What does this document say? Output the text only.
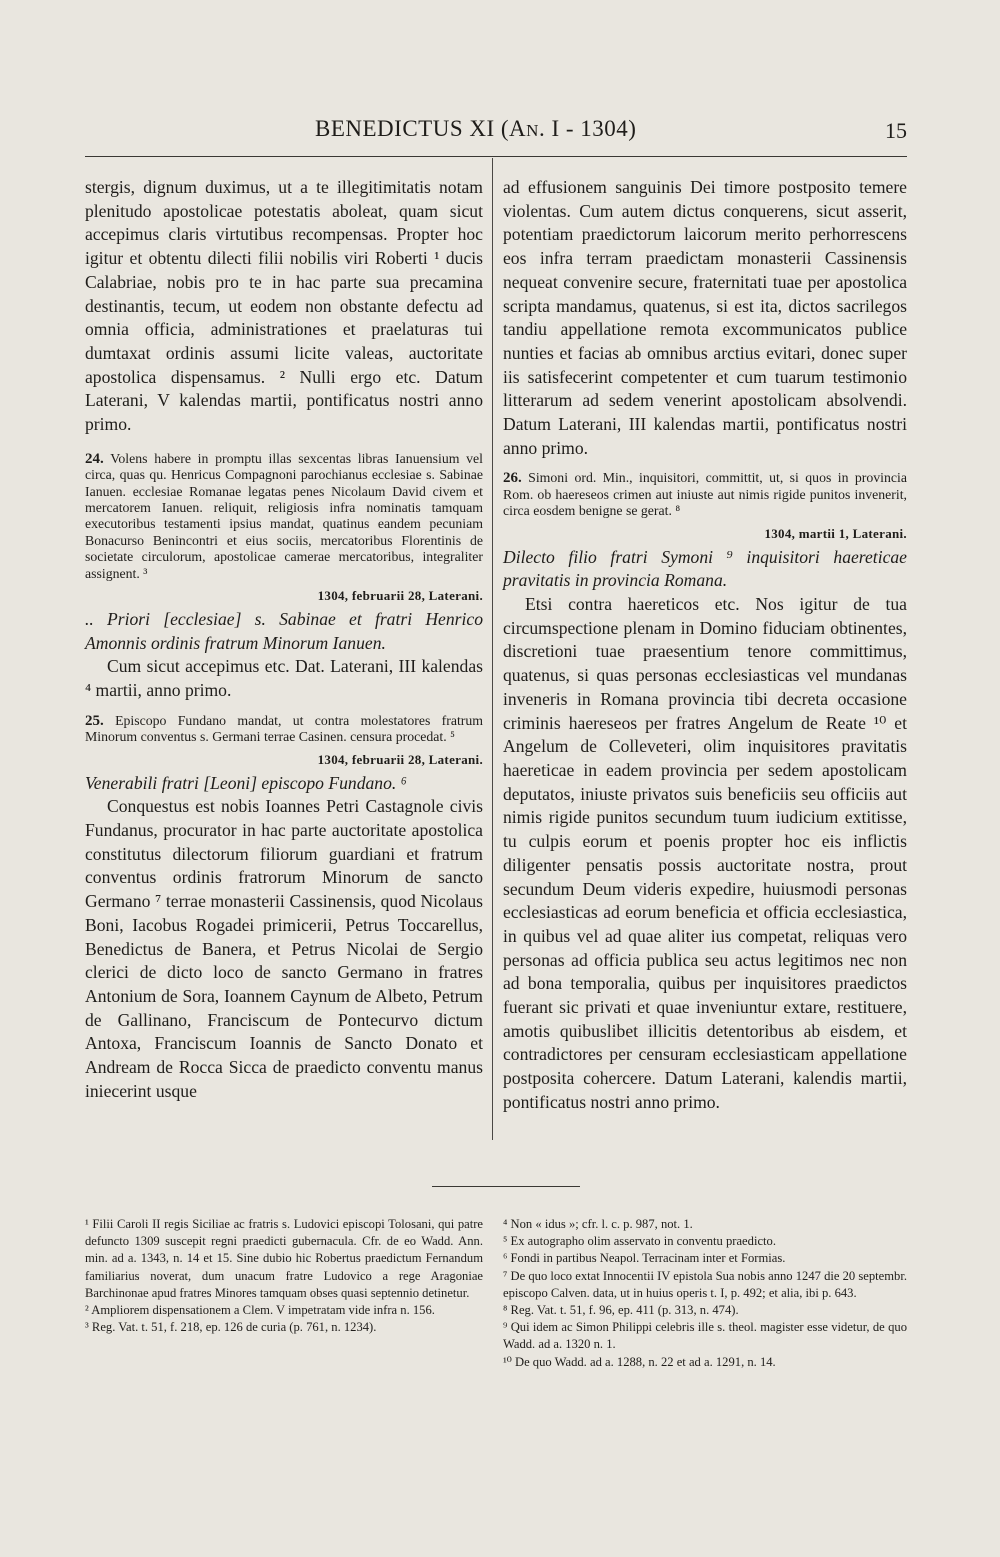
BENEDICTUS XI (AN. I - 1304)	15

stergis, dignum duximus, ut a te illegitimitatis notam plenitudo apostolicae potestatis aboleat, quam sicut accepimus claris virtutibus recompensas. Propter hoc igitur et obtentu dilecti filii nobilis viri Roberti ¹ ducis Calabriae, nobis pro te in hac parte sua precamina destinantis, tecum, ut eodem non obstante defectu ad omnia officia, administrationes et praelaturas tui dumtaxat ordinis assumi licite valeas, auctoritate apostolica dispensamus. ² Nulli ergo etc. Datum Laterani, V kalendas martii, pontificatus nostri anno primo.

24. Volens habere in promptu illas sexcentas libras Ianuensium vel circa, quas qu. Henricus Compagnoni parochianus ecclesiae s. Sabinae Ianuen. ecclesiae Romanae legatas penes Nicolaum David civem et mercatorem Ianuen. reliquit, religiosis infra nominatis tamquam executoribus testamenti ipsius mandat, quatinus eandem pecuniam Bonacurso Benincontri et eius sociis, mercatoribus Florentinis de societate circulorum, apostolicae camerae mercatoribus, integraliter assignent. ³

1304, februarii 28, Laterani.

.. Priori [ecclesiae] s. Sabinae et fratri Henrico Amonnis ordinis fratrum Minorum Ianuen.

Cum sicut accepimus etc. Dat. Laterani, III kalendas ⁴ martii, anno primo.

25. Episcopo Fundano mandat, ut contra molestatores fratrum Minorum conventus s. Germani terrae Casinen. censura procedat. ⁵

1304, februarii 28, Laterani.

Venerabili fratri [Leoni] episcopo Fundano. ⁶

Conquestus est nobis Ioannes Petri Castagnole civis Fundanus, procurator in hac parte auctoritate apostolica constitutus dilectorum filiorum guardiani et fratrum conventus ordinis fratrorum Minorum de sancto Germano ⁷ terrae monasterii Cassinensis, quod Nicolaus Boni, Iacobus Rogadei primicerii, Petrus Toccarellus, Benedictus de Banera, et Petrus Nicolai de Sergio clerici de dicto loco de sancto Germano in fratres Antonium de Sora, Ioannem Caynum de Albeto, Petrum de Gallinano, Franciscum de Pontecurvo dictum Antoxa, Franciscum Ioannis de Sancto Donato et Andream de Rocca Sicca de praedicto conventu manus iniecerint usque

ad effusionem sanguinis Dei timore postposito temere violentas. Cum autem dictus conquerens, sicut asserit, potentiam praedictorum laicorum merito perhorrescens eos infra terram praedictam monasterii Cassinensis nequeat convenire secure, fraternitati tuae per apostolica scripta mandamus, quatenus, si est ita, dictos sacrilegos tandiu appellatione remota excommunicatos publice nunties et facias ab omnibus arctius evitari, donec super iis satisfecerint competenter et cum tuarum testimonio litterarum ad sedem venerint apostolicam absolvendi. Datum Laterani, III kalendas martii, pontificatus nostri anno primo.

26. Simoni ord. Min., inquisitori, committit, ut, si quos in provincia Rom. ob haereseos crimen aut iniuste aut nimis rigide punitos invenerit, circa eosdem benigne se gerat. ⁸

1304, martii 1, Laterani.

Dilecto filio fratri Symoni ⁹ inquisitori haereticae pravitatis in provincia Romana.

Etsi contra haereticos etc. Nos igitur de tua circumspectione plenam in Domino fiduciam obtinentes, discretioni tuae praesentium tenore committimus, quatenus, si quas personas ecclesiasticas vel mundanas inveneris in Romana provincia tibi decreta occasione criminis haereseos per fratres Angelum de Reate ¹⁰ et Angelum de Colleveteri, olim inquisitores pravitatis haereticae in eadem provincia per sedem apostolicam deputatos, iniuste privatos suis beneficiis seu officiis aut nimis rigide punitos secundum tuum iudicium extitisse, tu culpis eorum et poenis propter hoc eis inflictis diligenter pensatis possis auctoritate nostra, prout secundum Deum videris expedire, huiusmodi personas ecclesiasticas ad eorum beneficia et officia ecclesiastica, in quibus vel ad quae aliter ius competat, reliquas vero personas ad officia publica seu actus legitimos nec non ad bona temporalia, quibus per inquisitores praedictos fuerant sic privati et quae inveniuntur extare, restituere, amotis quibuslibet illicitis detentoribus ab eisdem, et contradictores per censuram ecclesiasticam appellatione postposita cohercere. Datum Laterani, kalendis martii, pontificatus nostri anno primo.

¹ Filii Caroli II regis Siciliae ac fratris s. Ludovici episcopi Tolosani, qui patre defuncto 1309 suscepit regni praedicti gubernacula. Cfr. de eo Wadd. Ann. min. ad a. 1343, n. 14 et 15. Sine dubio hic Robertus praedictum Fernandum familiarius noverat, dum unacum fratre Ludovico a rege Aragoniae Barchinonae apud fratres Minores tamquam obses quasi septennio detinetur.

² Ampliorem dispensationem a Clem. V impetratam vide infra n. 156.

³ Reg. Vat. t. 51, f. 218, ep. 126 de curia (p. 761, n. 1234).

⁴ Non « idus »; cfr. l. c. p. 987, not. 1.

⁵ Ex autographo olim asservato in conventu praedicto.

⁶ Fondi in partibus Neapol. Terracinam inter et Formias.

⁷ De quo loco extat Innocentii IV epistola Sua nobis anno 1247 die 20 septembr. episcopo Calven. data, ut in huius operis t. I, p. 492; et alia, ibi p. 643.

⁸ Reg. Vat. t. 51, f. 96, ep. 411 (p. 313, n. 474).

⁹ Qui idem ac Simon Philippi celebris ille s. theol. magister esse videtur, de quo Wadd. ad a. 1320 n. 1.

¹⁰ De quo Wadd. ad a. 1288, n. 22 et ad a. 1291, n. 14.
